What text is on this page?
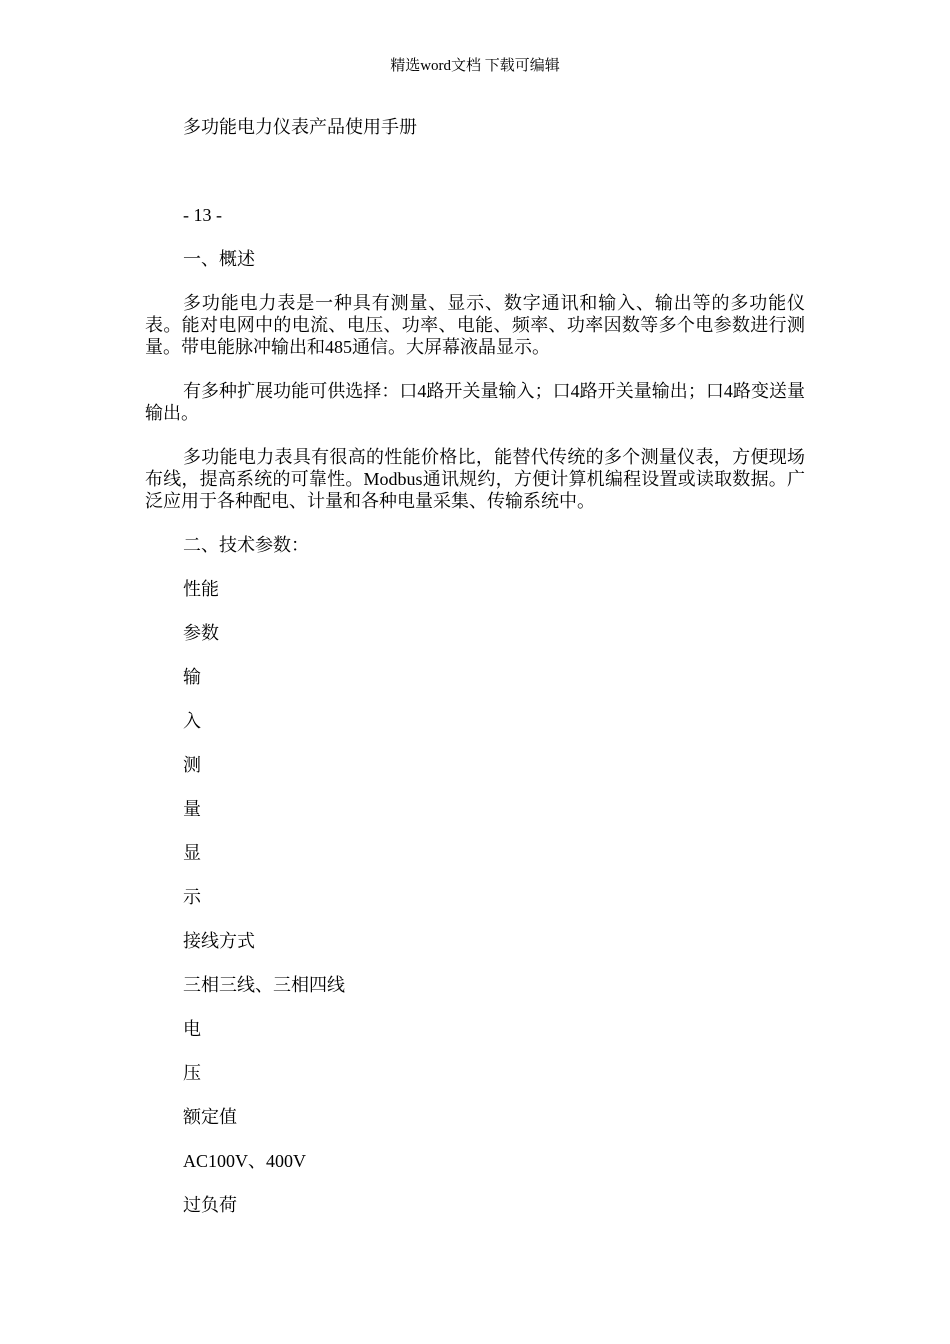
精选word文档 下载可编辑
多功能电力仪表产品使用手册
- 13 -
一、概述
多功能电力表是一种具有测量、显示、数字通讯和输入、输出等的多功能仪表。能对电网中的电流、电压、功率、电能、频率、功率因数等多个电参数进行测量。带电能脉冲输出和485通信。大屏幕液晶显示。
有多种扩展功能可供选择：口4路开关量输入；口4路开关量输出；口4路变送量输出。
多功能电力表具有很高的性能价格比，能替代传统的多个测量仪表，方便现场布线，提高系统的可靠性。Modbus通讯规约，方便计算机编程设置或读取数据。广泛应用于各种配电、计量和各种电量采集、传输系统中。
二、技术参数：
性能
参数
输
入
测
量
显
示
接线方式
三相三线、三相四线
电
压
额定值
AC100V、400V
过负荷
